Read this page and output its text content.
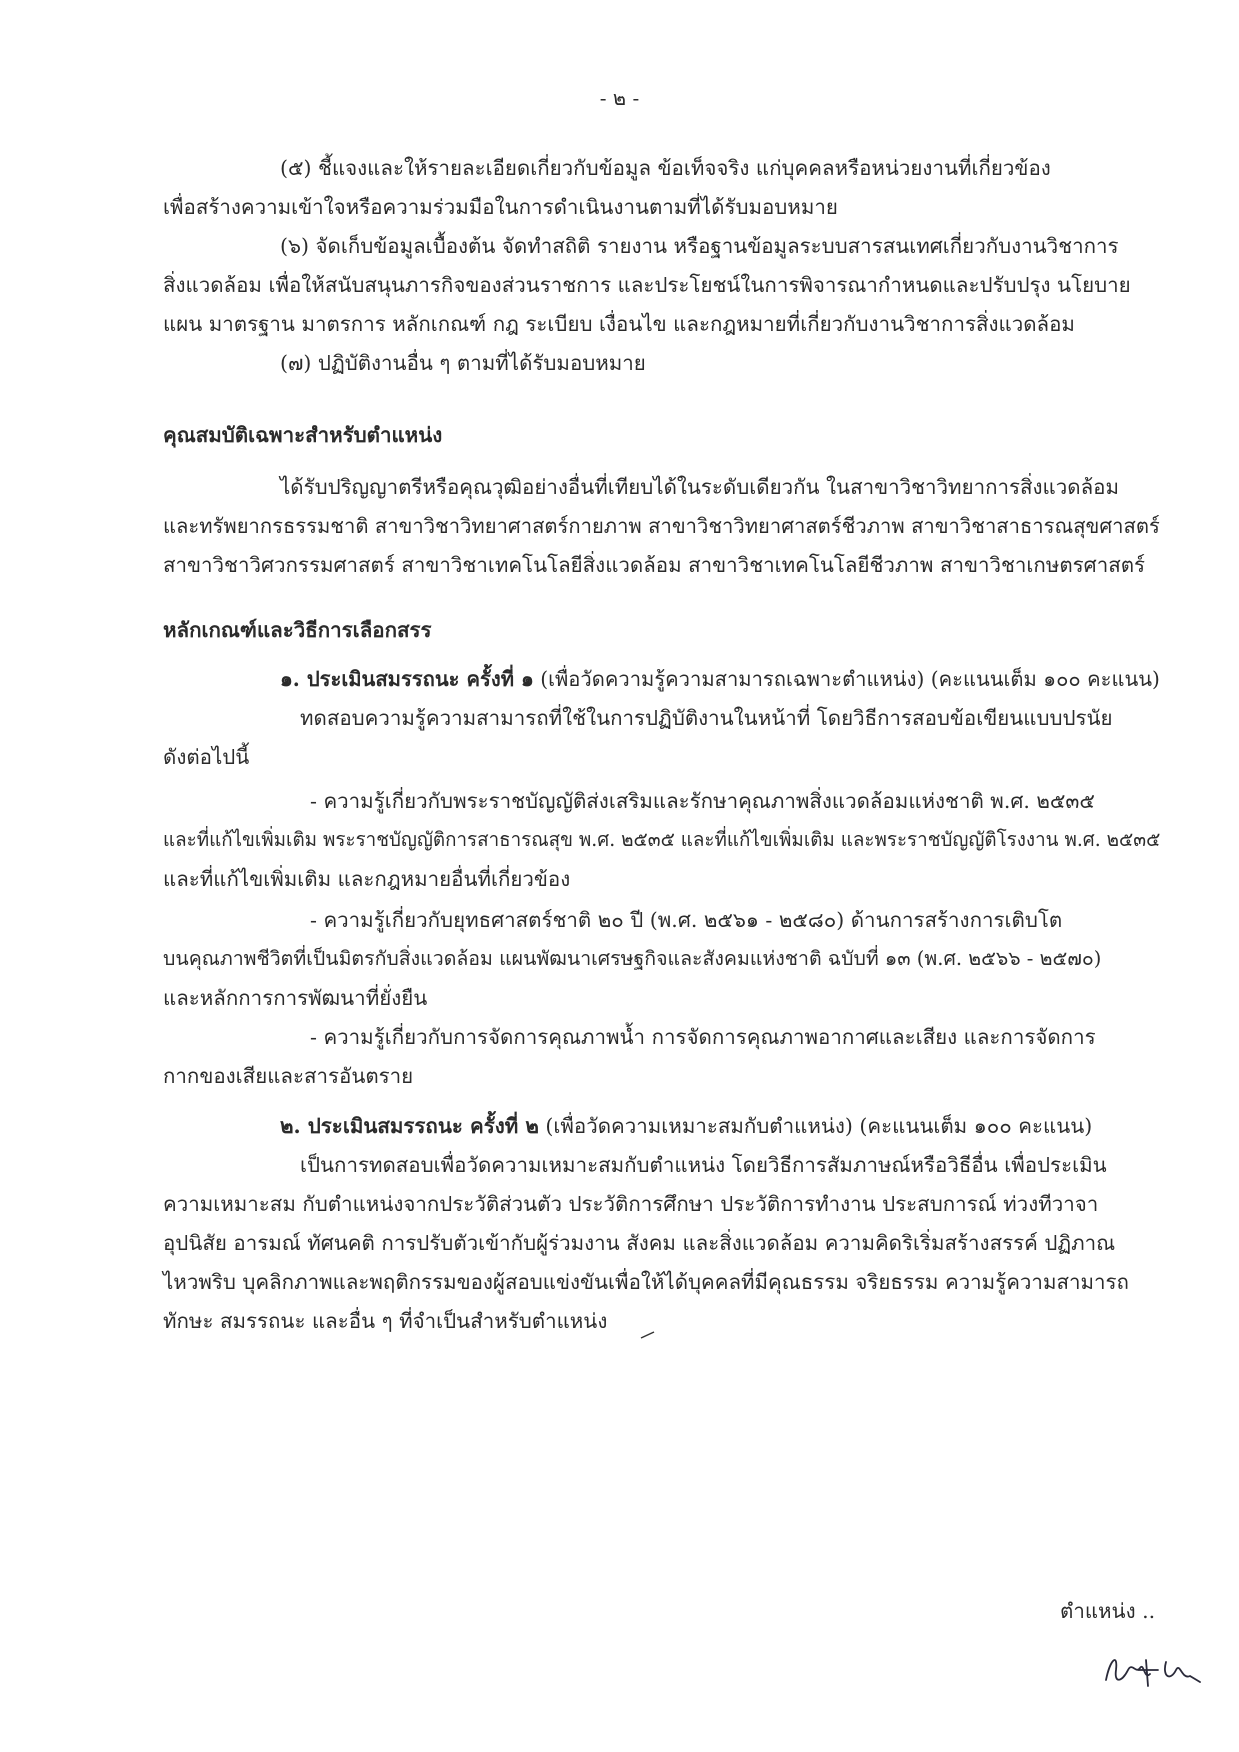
- ๒ -
(๕) ชี้แจงและให้รายละเอียดเกี่ยวกับข้อมูล ข้อเท็จจริง แก่บุคคลหรือหน่วยงานที่เกี่ยวข้อง
เพื่อสร้างความเข้าใจหรือความร่วมมือในการดำเนินงานตามที่ได้รับมอบหมาย
(๖) จัดเก็บข้อมูลเบื้องต้น จัดทำสถิติ รายงาน หรือฐานข้อมูลระบบสารสนเทศเกี่ยวกับงานวิชาการ
สิ่งแวดล้อม เพื่อให้สนับสนุนภารกิจของส่วนราชการ และประโยชน์ในการพิจารณากำหนดและปรับปรุง นโยบาย
แผน มาตรฐาน มาตรการ หลักเกณฑ์ กฎ ระเบียบ เงื่อนไข และกฎหมายที่เกี่ยวกับงานวิชาการสิ่งแวดล้อม
(๗) ปฏิบัติงานอื่น ๆ ตามที่ได้รับมอบหมาย
คุณสมบัติเฉพาะสำหรับตำแหน่ง
ได้รับปริญญาตรีหรือคุณวุฒิอย่างอื่นที่เทียบได้ในระดับเดียวกัน ในสาขาวิชาวิทยาการสิ่งแวดล้อม
และทรัพยากรธรรมชาติ สาขาวิชาวิทยาศาสตร์กายภาพ สาขาวิชาวิทยาศาสตร์ชีวภาพ สาขาวิชาสาธารณสุขศาสตร์
สาขาวิชาวิศวกรรมศาสตร์ สาขาวิชาเทคโนโลยีสิ่งแวดล้อม สาขาวิชาเทคโนโลยีชีวภาพ สาขาวิชาเกษตรศาสตร์
หลักเกณฑ์และวิธีการเลือกสรร
๑. ประเมินสมรรถนะ ครั้งที่ ๑ (เพื่อวัดความรู้ความสามารถเฉพาะตำแหน่ง) (คะแนนเต็ม ๑๐๐ คะแนน)
ทดสอบความรู้ความสามารถที่ใช้ในการปฏิบัติงานในหน้าที่ โดยวิธีการสอบข้อเขียนแบบปรนัย
ดังต่อไปนี้
- ความรู้เกี่ยวกับพระราชบัญญัติส่งเสริมและรักษาคุณภาพสิ่งแวดล้อมแห่งชาติ พ.ศ. ๒๕๓๕
และที่แก้ไขเพิ่มเติม พระราชบัญญัติการสาธารณสุข พ.ศ. ๒๕๓๕ และที่แก้ไขเพิ่มเติม และพระราชบัญญัติโรงงาน พ.ศ. ๒๕๓๕
และที่แก้ไขเพิ่มเติม และกฎหมายอื่นที่เกี่ยวข้อง
- ความรู้เกี่ยวกับยุทธศาสตร์ชาติ ๒๐ ปี (พ.ศ. ๒๕๖๑ - ๒๕๘๐) ด้านการสร้างการเติบโต
บนคุณภาพชีวิตที่เป็นมิตรกับสิ่งแวดล้อม แผนพัฒนาเศรษฐกิจและสังคมแห่งชาติ ฉบับที่ ๑๓ (พ.ศ. ๒๕๖๖ - ๒๕๗๐)
และหลักการการพัฒนาที่ยั่งยืน
- ความรู้เกี่ยวกับการจัดการคุณภาพน้ำ การจัดการคุณภาพอากาศและเสียง และการจัดการ
กากของเสียและสารอันตราย
๒. ประเมินสมรรถนะ ครั้งที่ ๒ (เพื่อวัดความเหมาะสมกับตำแหน่ง) (คะแนนเต็ม ๑๐๐ คะแนน)
เป็นการทดสอบเพื่อวัดความเหมาะสมกับตำแหน่ง โดยวิธีการสัมภาษณ์หรือวิธีอื่น เพื่อประเมิน
ความเหมาะสม กับตำแหน่งจากประวัติส่วนตัว ประวัติการศึกษา ประวัติการทำงาน ประสบการณ์ ท่วงทีวาจา
อุปนิสัย อารมณ์ ทัศนคติ การปรับตัวเข้ากับผู้ร่วมงาน สังคม และสิ่งแวดล้อม ความคิดริเริ่มสร้างสรรค์ ปฏิภาณ
ไหวพริบ บุคลิกภาพและพฤติกรรมของผู้สอบแข่งขันเพื่อให้ได้บุคคลที่มีคุณธรรม จริยธรรม ความรู้ความสามารถ
ทักษะ สมรรถนะ และอื่น ๆ ที่จำเป็นสำหรับตำแหน่ง
ตำแหน่ง ..
